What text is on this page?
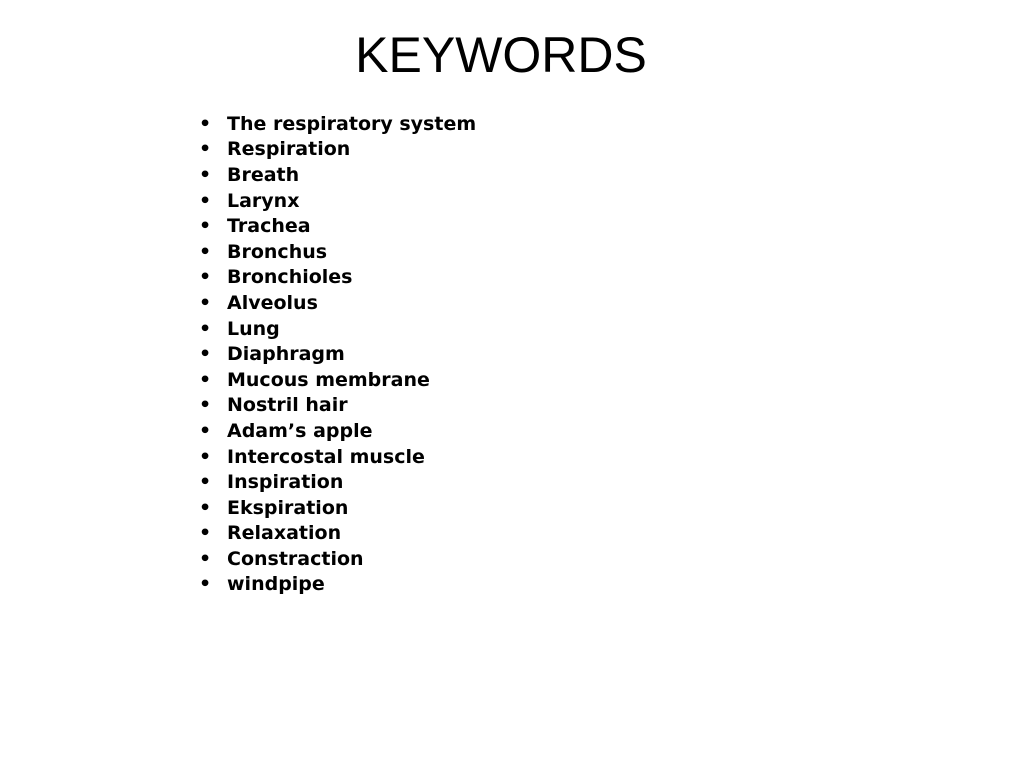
KEYWORDS
• The respiratory system
• Respiration
• Breath
• Larynx
• Trachea
• Bronchus
• Bronchioles
• Alveolus
• Lung
• Diaphragm
• Mucous membrane
• Nostril hair
• Adam’s apple
• Intercostal muscle
• Inspiration
• Ekspiration
• Relaxation
• Constraction
• windpipe
